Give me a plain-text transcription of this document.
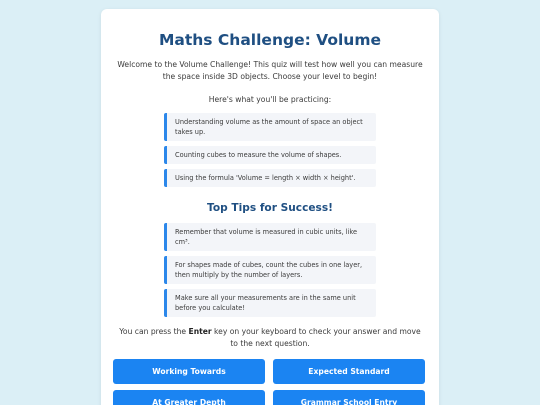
Maths Challenge: Volume

Welcome to the Volume Challenge! This quiz will test how well you can measure the space inside 3D objects. Choose your level to begin!

Here's what you'll be practicing:

Understanding volume as the amount of space an object takes up.
Counting cubes to measure the volume of shapes.
Using the formula 'Volume = length × width × height'.
Top Tips for Success!
Remember that volume is measured in cubic units, like cm³.
For shapes made of cubes, count the cubes in one layer, then multiply by the number of layers.
Make sure all your measurements are in the same unit before you calculate!

You can press the Enter key on your keyboard to check your answer and move to the next question.

Working Towards	Expected Standard
At Greater Depth	Grammar School Entry
